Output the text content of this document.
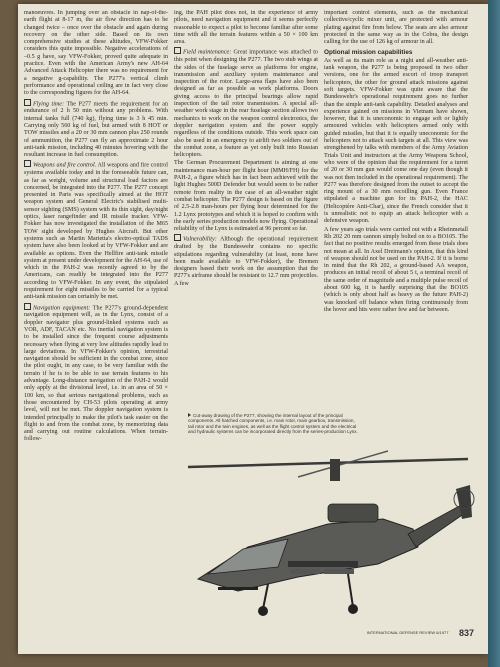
manoeuvres. In jumping over an obstacle in nap-of-the-earth flight at 8-17 m, the air flow direction has to be changed twice – once over the obstacle and again during recovery on the other side. Based on its own comprehensive studies at these altitudes, VFW-Fokker considers this quite impossible. Negative accelerations of –0.5 g have, say VFW-Fokker, proved quite adequate in practice. Even with the American Army's new AH-64 Advanced Attack Helicopter there was no requirement for a negative g-capability. The P277's vertical climb performance and operational ceiling are in fact very close to the corresponding figures for the AH-64.

Flying time: The P277 meets the requirement for an endurance of 2 h 50 min without any problems. With internal tanks full (740 kg), flying time is 3 h 45 min. Carrying only 560 kg of fuel, but armed with 8 HOT or TOW missiles and a 20 or 30 mm cannon plus 250 rounds of ammunition, the P277 can fly an approximate 2 hour anti-tank mission, including 40 minutes hovering with the resultant increase in fuel consumption.

Weapons and fire control. All weapons and fire control systems available today and in the foreseeable future can, as far as weight, volume and structural load factors are concerned, be integrated into the P277. The P277 concept presented in Paris was specifically aimed at the HOT weapon system and General Electric's stabilised multi-sensor sighting (SMS) system with its thin sight, day/night optics, laser rangefinder and IR missile tracker. VFW-Fokker has now investigated the installation of the M65 TOW sight developed by Hughes Aircraft. But other systems such as Martin Marietta's electro-optical TADS system have also been looked at by VFW-Fokker and are available as options. Even the Hellfire anti-tank missile system at present under development for the AH-64, use of which in the PAH-2 was recently agreed to by the Americans, can readily be integrated into the P277 according to VFW-Fokker. In any event, the stipulated requirement for eight missiles to be carried for a typical anti-tank mission can certainly be met.

Navigation equipment: The P277's ground-dependent navigation equipment will, as in the Lynx, consist of a doppler navigator plus ground-linked systems such as VOR, ADF, TACAN etc. No inertial navigation system is to be installed since the frequent course adjustments necessary when flying at very low altitudes rapidly lead to large deviations. In VFW-Fokker's opinion, terrestrial navigation should be sufficient in the combat zone, since the pilot ought, in any case, to be very familiar with the terrain if he is to be able to use terrain features to his advantage. Long-distance navigation of the PAH-2 would only apply at the divisional level, i.e. in an area of 50 × 100 km, so that serious navigational problems, such as those encountered by CH-53 pilots operating at army level, will not be met. The doppler navigation system is intended principally to make the pilot's task easier on the flight to and from the combat zone, by memorizing data and carrying out routine calculations. When terrain-follow-

ing, the PAH pilot does not, in the experience of army pilots, need navigation equipment and it seems perfectly reasonable to expect a pilot to become familiar after some time with all the terrain features within a 50 × 100 km area.

Field maintenance: Great importance was attached to this point when designing the P277. The two stub wings at the sides of the fuselage serve as platforms for engine, transmission and auxiliary system maintenance and inspection of the rotor. Large-area flaps have also been designed as far as possible as work platforms. Doors giving access to the principal bearings allow rapid inspection of the tail rotor transmission. A special all-weather work stage in the rear fuselage section allows two mechanics to work on the weapon control electronics, the doppler navigation system and the power supply regardless of the conditions outside. This work space can also be used in an emergency to airlift two soldiers out of the combat zone, a feature as yet only built into Russian helicopters.

The German Procurement Department is aiming at one maintenance man-hour per flight hour (MMH/FH) for the PAH-2, a figure which has in fact been achieved with the light Hughes 500D Defender but would seem to be rather remote from reality in the case of an all-weather night combat helicopter. The P277 design is based on the figure of 2.5-2.8 man-hours per flying hour determined for the 1.2 Lynx prototypes and which it is hoped to confirm with the early series production models now flying. Operational reliability of the Lynx is estimated at 96 percent so far.

Vulnerability: Although the operational requirement drafted by the Bundeswehr contains no specific stipulations regarding vulnerability (at least, none have been made available to VFW-Fokker), the Bremen designers based their work on the assumption that the P277's airframe should be resistant to 12.7 mm projectiles. A few

important control elements, such as the mechanical collective/cyclic mixer unit, are protected with armour plating against fire from below. The seats are also armour protected in the same way as in the Cobra, the design calling for the use of 126 kg of armour in all.

Optional mission capabilities

As well as its main role as a night and all-weather anti-tank weapon, the P277 is being proposed in two other versions, one for the armed escort of troop transport helicopters, the other for ground attack missions against soft targets. VFW-Fokker was quite aware that the Bundeswehr's operational requirement goes no further than the simple anti-tank capability. Detailed analyses and experience gained on missions in Vietnam have shown, however, that it is uneconomic to engage soft or lightly armoured vehicles with helicopters armed only with guided missiles, but that it is equally uneconomic for the helicopters not to attack such targets at all. This view was strengthened by talks with members of the Army Aviation Trials Unit and instructors at the Army Weapons School, who were of the opinion that the requirement for a turret of 20 or 30 mm gun would come one day (even though it was not then included in the operational requirement). The P277 was therefore designed from the outset to accept the ring mount of a 30 mm recoilling gun. Even France stipulated a machine gun for its PAH-2, the HAC (Helicoptère Anti-Char), since the French consider that it is unrealistic not to equip an attack helicopter with a defensive weapon.

A few years ago trials were carried out with a Rheinmetall Rh 202 20 mm cannon simply bolted on to a BO105. The fact that no positive results emerged from these trials does not mean at all. In Axel Dreimann's opinion, that this kind of weapon should not be used on the PAH-2. If it is borne in mind that the Rh 202, a ground-based AA weapon, produces an initial recoil of about 5 t, a terminal recoil of the same order of magnitude and a multiple pulse recoil of about 600 kg, it is hardly surprising that the BO105 (which is only about half as heavy as the future PAH-2) was knocked off balance when firing continuously from the hover and hits were rather few and far between.

Cut-away drawing of the P277, showing the internal layout of the principal components. All hatched components, i.e. main rotor, main gearbox, transmission, tail rotor and the twin engines, as well as the flight control system and the electrical and hydraulic systems can be incorporated directly from the series-production Lynx.
INTERNATIONAL DEFENSE REVIEW 6/1977 837
